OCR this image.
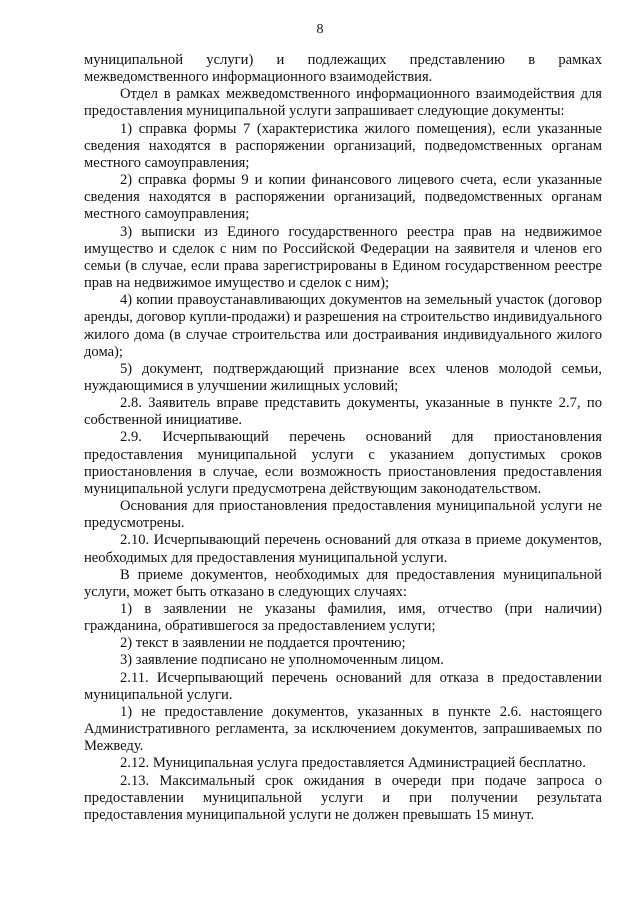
8

муниципальной услуги) и подлежащих представлению в рамках межведомственного информационного взаимодействия.

Отдел в рамках межведомственного информационного взаимодействия для предоставления муниципальной услуги запрашивает следующие документы:

1) справка формы 7 (характеристика жилого помещения), если указанные сведения находятся в распоряжении организаций, подведомственных органам местного самоуправления;

2) справка формы 9 и копии финансового лицевого счета, если указанные сведения находятся в распоряжении организаций, подведомственных органам местного самоуправления;

3) выписки из Единого государственного реестра прав на недвижимое имущество и сделок с ним по Российской Федерации на заявителя и членов его семьи (в случае, если права зарегистрированы в Едином государственном реестре прав на недвижимое имущество и сделок с ним);

4) копии правоустанавливающих документов на земельный участок (договор аренды, договор купли-продажи) и разрешения на строительство индивидуального жилого дома (в случае строительства или достраивания индивидуального жилого дома);

5) документ, подтверждающий признание всех членов молодой семьи, нуждающимися в улучшении жилищных условий;

2.8. Заявитель вправе представить документы, указанные в пункте 2.7, по собственной инициативе.

2.9. Исчерпывающий перечень оснований для приостановления предоставления муниципальной услуги с указанием допустимых сроков приостановления в случае, если возможность приостановления предоставления муниципальной услуги предусмотрена действующим законодательством.

Основания для приостановления предоставления муниципальной услуги не предусмотрены.

2.10. Исчерпывающий перечень оснований для отказа в приеме документов, необходимых для предоставления муниципальной услуги.

В приеме документов, необходимых для предоставления муниципальной услуги, может быть отказано в следующих случаях:

1) в заявлении не указаны фамилия, имя, отчество (при наличии) гражданина, обратившегося за предоставлением услуги;

2) текст в заявлении не поддается прочтению;

3) заявление подписано не уполномоченным лицом.

2.11. Исчерпывающий перечень оснований для отказа в предоставлении муниципальной услуги.

1) не предоставление документов, указанных в пункте 2.6. настоящего Административного регламента, за исключением документов, запрашиваемых по Межведу.

2.12. Муниципальная услуга предоставляется Администрацией бесплатно.

2.13. Максимальный срок ожидания в очереди при подаче запроса о предоставлении муниципальной услуги и при получении результата предоставления муниципальной услуги не должен превышать 15 минут.
